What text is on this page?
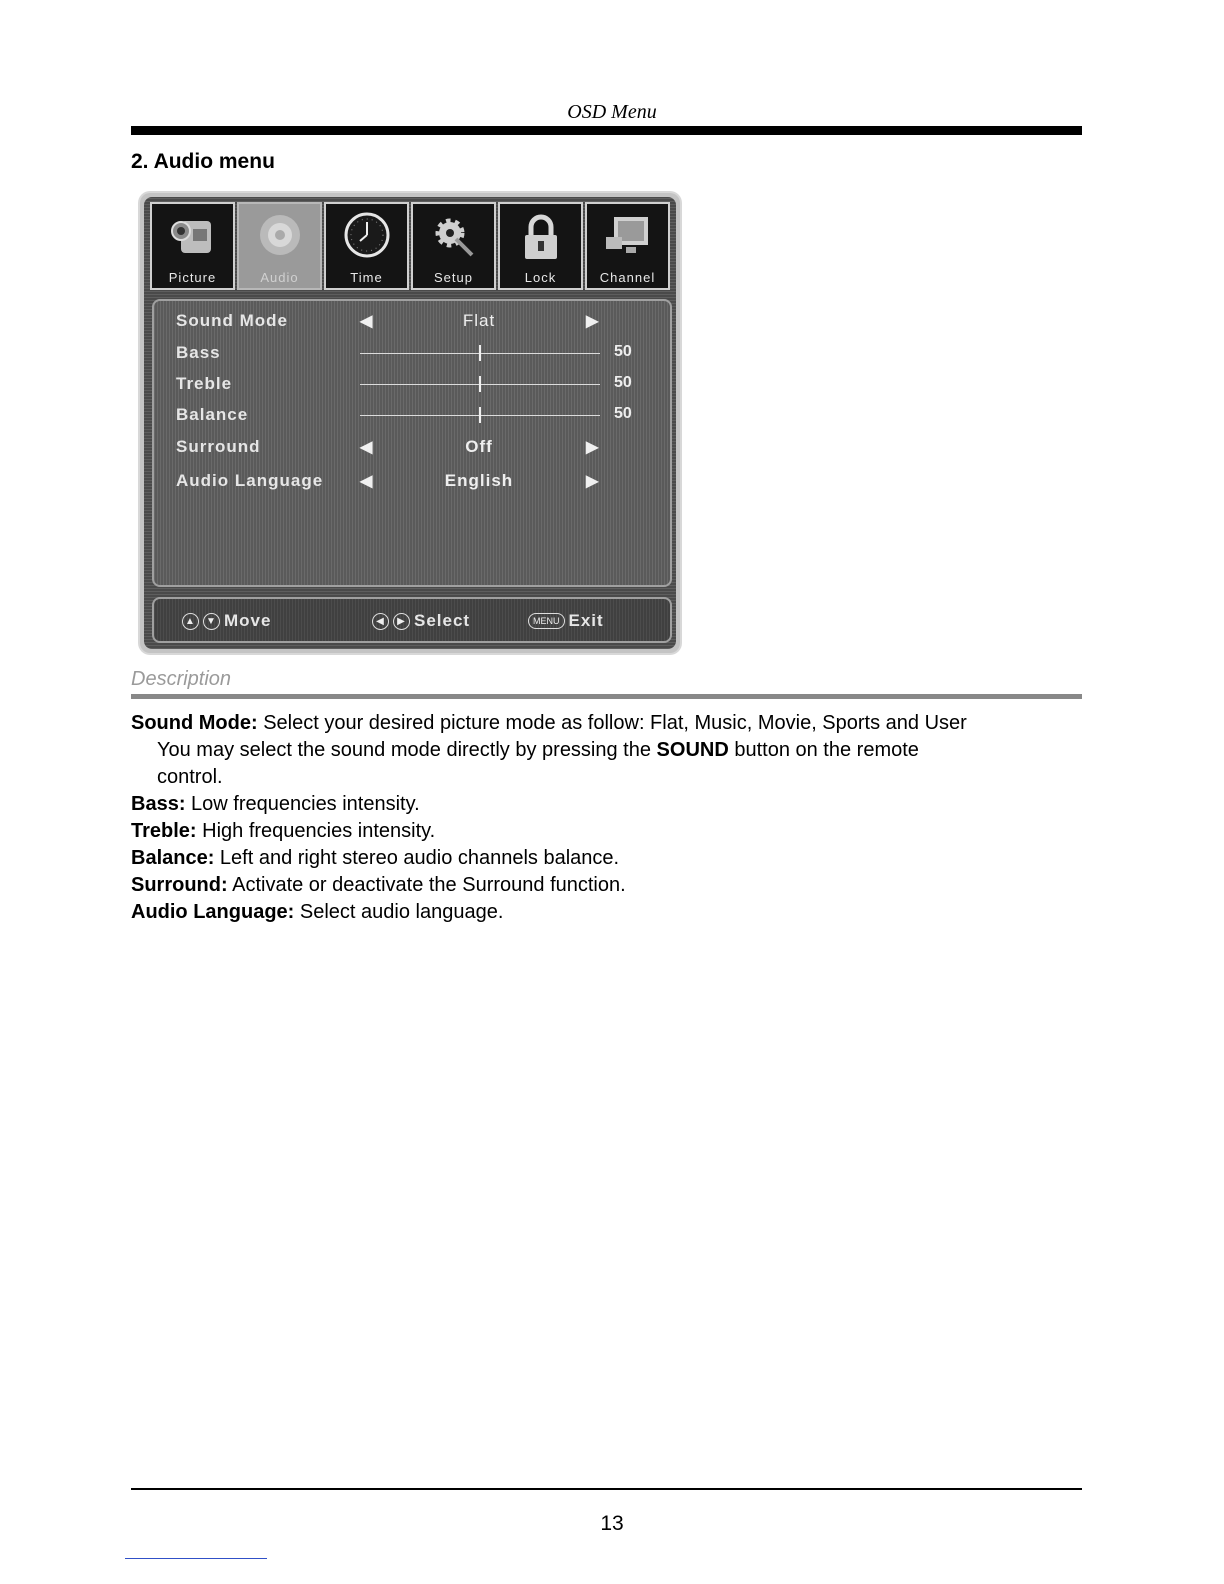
OSD Menu
2. Audio menu
Picture	Audio	Time	Setup	Lock	Channel
Sound Mode	◀	Flat	▶
Bass	50
Treble	50
Balance	50
Surround	◀	Off	▶
Audio Language ◀	English	▶
▲	▼ Move	◀	▶ Select	MENU Exit
Description

Sound Mode: Select your desired picture mode as follow: Flat, Music, Movie, Sports and User

You may select the sound mode directly by pressing the SOUND button on the remote

control.

Bass: Low frequencies intensity.

Treble: High frequencies intensity.

Balance: Left and right stereo audio channels balance.

Surround: Activate or deactivate the Surround function.

Audio Language: Select audio language.

13
